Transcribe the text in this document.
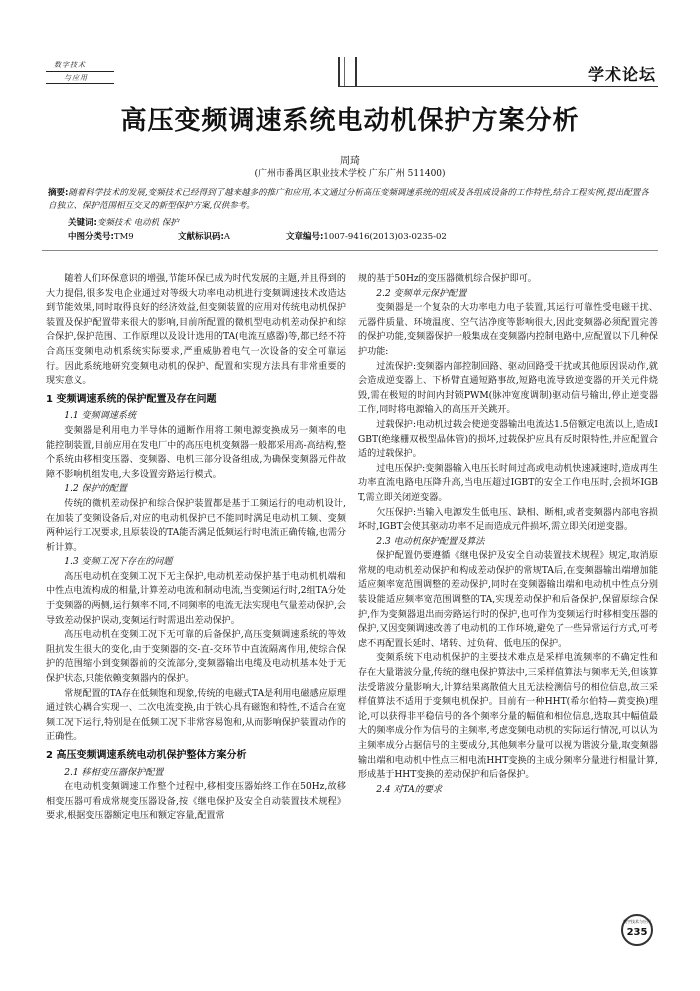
数字技术
与应用	学术论坛
高压变频调速系统电动机保护方案分析
周琦
(广州市番禺区职业技术学校 广东广州 511400)
摘要:随着科学技术的发展,变频技术已经得到了越来越多的推广和应用,本文通过分析高压变频调速系统的组成及各组成设备的工作特性,结合工程实例,提出配置各自独立、保护范围相互交叉的新型保护方案,仅供参考。
关键词:变频技术 电动机 保护
中图分类号:TM9	文献标识码:A	文章编号:1007-9416(2013)03-0235-02

随着人们环保意识的增强,节能环保已成为时代发展的主题,并且得到的大力提倡,很多发电企业通过对等级大功率电动机进行变频调速技术改造达到节能效果,同时取得良好的经济效益,但变频装置的应用对传统电动机保护装置及保护配置带来很大的影响,目前所配置的微机型电动机差动保护和综合保护,保护范围、工作原理以及设计选用的TA(电流互感器)等,都已经不符合高压变频电动机系统实际要求,严重威胁着电气一次设备的安全可靠运行。因此系统地研究变频电动机的保护、配置和实现方法具有非常重要的现实意义。

1 变频调速系统的保护配置及存在问题
1.1 变频调速系统

变频器是利用电力半导体的通断作用将工频电源变换成另一频率的电能控制装置,目前应用在发电厂中的高压电机变频器一般都采用高-高结构,整个系统由移相变压器、变频器、电机三部分设备组成,为确保变频器元件故障不影响机组发电,大多设置旁路运行模式。

1.2 保护的配置

传统的微机差动保护和综合保护装置都是基于工频运行的电动机设计,在加装了变频设备后,对应的电动机保护已不能同时满足电动机工频、变频两种运行工况要求,且原装设的TA能否满足低频运行时电流正确传输,也需分析计算。

1.3 变频工况下存在的问题

高压电动机在变频工况下无主保护,电动机差动保护基于电动机机端和中性点电流构成的相量,计算差动电流和制动电流,当变频运行时,2组TA分处于变频器的两侧,运行频率不同,不同频率的电流无法实现电气量差动保护,会导致差动保护误动,变频运行时需退出差动保护。

高压电动机在变频工况下无可靠的后备保护,高压变频调速系统的等效阻抗发生很大的变化,由于变频器的交-直-交环节中直流隔离作用,使综合保护的范围缩小到变频器前的交流部分,变频器输出电缆及电动机基本处于无保护状态,只能依赖变频器内的保护。

常规配置的TA存在低频饱和现象,传统的电磁式TA是利用电磁感应原理通过铁心耦合实现一、二次电流变换,由于铁心具有磁饱和特性,不适合在宽频工况下运行,特别是在低频工况下非常容易饱和,从而影响保护装置动作的正确性。

2 高压变频调速系统电动机保护整体方案分析
2.1 移相变压器保护配置

在电动机变频调速工作整个过程中,移相变压器始终工作在50Hz,故移相变压器可看成常规变压器设备,按《继电保护及安全自动装置技术规程》要求,根据变压器额定电压和额定容量,配置常

规的基于50Hz的变压器微机综合保护即可。

2.2 变频单元保护配置

变频器是一个复杂的大功率电力电子装置,其运行可靠性受电磁干扰、元器件质量、环境温度、空气洁净度等影响很大,因此变频器必须配置完善的保护功能,变频器保护一般集成在变频器内控制电路中,应配置以下几种保护功能:

过流保护:变频器内部控制回路、驱动回路受干扰或其他原因误动作,就会造成逆变器上、下桥臂直通短路事故,短路电流导致逆变器的开关元件烧毁,需在极短的时间内封锁PWM(脉冲宽度调制)驱动信号输出,停止逆变器工作,同时将电源输入的高压开关跳开。

过载保护:电动机过载会使逆变器输出电流达1.5倍额定电流以上,造成IGBT(绝缘栅双极型晶体管)的损坏,过载保护应具有反时限特性,并应配置合适的过载保护。

过电压保护:变频器输入电压长时间过高或电动机快速减速时,造成再生功率直流电路电压降升高,当电压超过IGBT的安全工作电压时,会损坏IGBT,需立即关闭逆变器。

欠压保护:当输入电源发生低电压、缺相、断相,或者变频器内部电容损坏时,IGBT会使其驱动功率不足而造成元件损坏,需立即关闭逆变器。

2.3 电动机保护配置及算法

保护配置仍要遵循《继电保护及安全自动装置技术规程》规定,取消原常规的电动机差动保护和构成差动保护的常规TA后,在变频器输出端增加能适应频率宽范围调整的差动保护,同时在变频器输出端和电动机中性点分别装设能适应频率宽范围调整的TA,实现差动保护和后备保护,保留原综合保护,作为变频器退出而旁路运行时的保护,也可作为变频运行时移相变压器的保护,又因变频调速改善了电动机的工作环境,避免了一些异常运行方式,可考虑不再配置长延时、堵转、过负荷、低电压的保护。

变频系统下电动机保护的主要技术难点是采样电流频率的不确定性和存在大量谐波分量,传统的继电保护算法中,三采样值算法与频率无关,但该算法受谐波分量影响大,计算结果离散值大且无法检测信号的相位信息,故三采样值算法不适用于变频电机保护。目前有一种HHT(希尔伯特—黄变换)理论,可以获得非平稳信号的各个频率分量的幅值和相位信息,选取其中幅值最大的频率成分作为信号的主频率,考虑变频电动机的实际运行情况,可以认为主频率成分占据信号的主要成分,其他频率分量可以视为谐波分量,取变频器输出端和电动机中性点三相电流HHT变换的主成分频率分量进行相量计算,形成基于HHT变换的差动保护和后备保护。

2.4 对TA的要求
数字技术与应用
235
